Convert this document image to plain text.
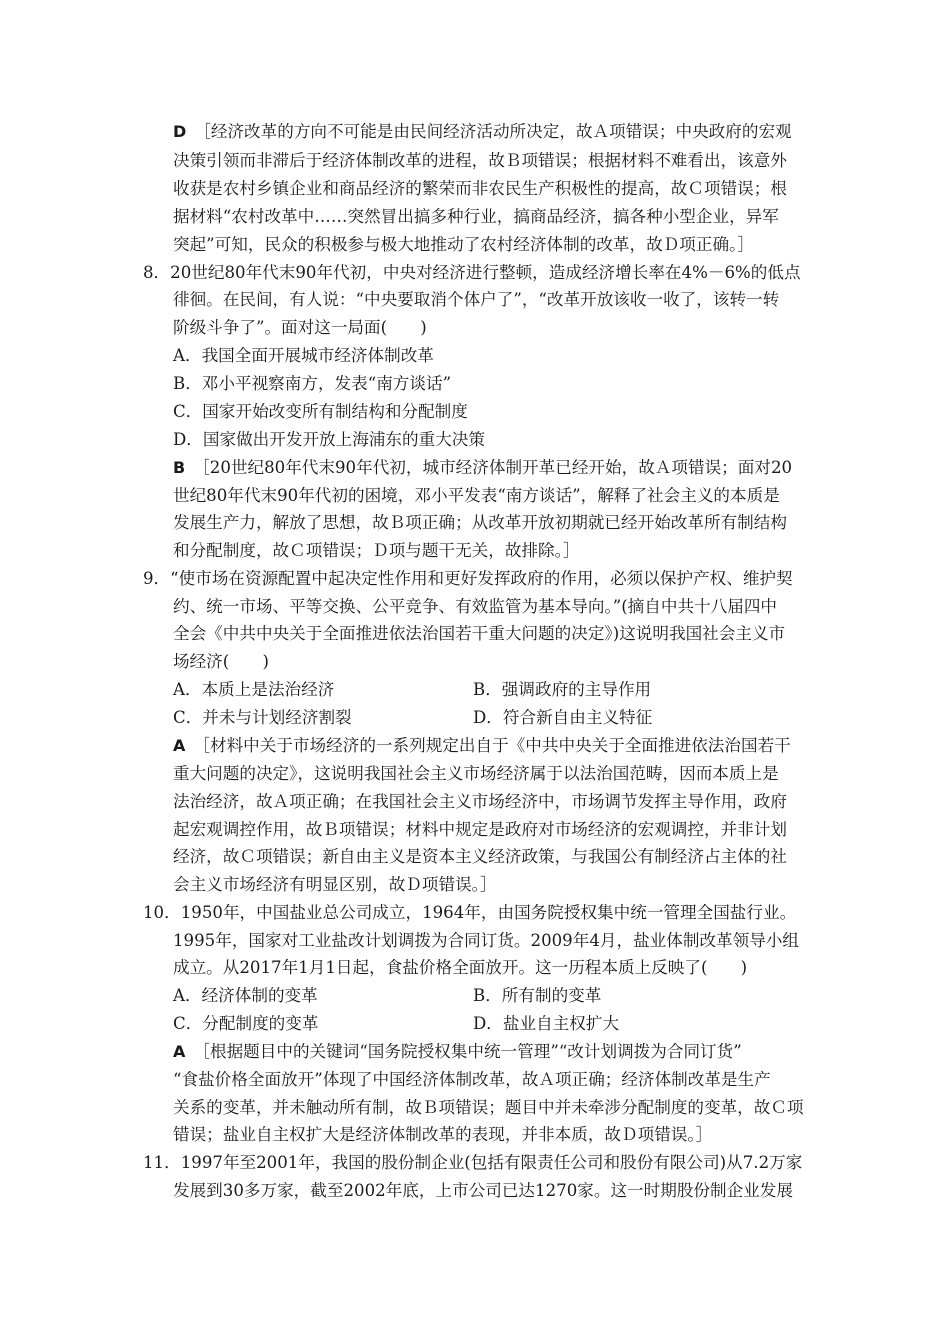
D ［经济改革的方向不可能是由民间经济活动所决定，故Ａ项错误；中央政府的宏观
决策引领而非滞后于经济体制改革的进程，故Ｂ项错误；根据材料不难看出，该意外
收获是农村乡镇企业和商品经济的繁荣而非农民生产积极性的提高，故Ｃ项错误；根
据材料“农村改革中……突然冒出搞多种行业，搞商品经济，搞各种小型企业，异军
突起”可知，民众的积极参与极大地推动了农村经济体制的改革，故Ｄ项正确。］
8．20世纪80年代末90年代初，中央对经济进行整顿，造成经济增长率在4%－6%的低点
徘徊。在民间，有人说：“中央要取消个体户了”，“改革开放该收一收了，该转一转
阶级斗争了”。面对这一局面(　　)
A．我国全面开展城市经济体制改革
B．邓小平视察南方，发表“南方谈话”
C．国家开始改变所有制结构和分配制度
D．国家做出开发开放上海浦东的重大决策
B ［20世纪80年代末90年代初，城市经济体制开革已经开始，故Ａ项错误；面对20
世纪80年代末90年代初的困境，邓小平发表“南方谈话”，解释了社会主义的本质是
发展生产力，解放了思想，故Ｂ项正确；从改革开放初期就已经开始改革所有制结构
和分配制度，故Ｃ项错误；Ｄ项与题干无关，故排除。］
9．“使市场在资源配置中起决定性作用和更好发挥政府的作用，必须以保护产权、维护契
约、统一市场、平等交换、公平竞争、有效监管为基本导向。”(摘自中共十八届四中
全会《中共中央关于全面推进依法治国若干重大问题的决定》)这说明我国社会主义市
场经济(　　)
A．本质上是法治经济	B．强调政府的主导作用
C．并未与计划经济割裂	D．符合新自由主义特征
A ［材料中关于市场经济的一系列规定出自于《中共中央关于全面推进依法治国若干
重大问题的决定》，这说明我国社会主义市场经济属于以法治国范畴，因而本质上是
法治经济，故Ａ项正确；在我国社会主义市场经济中，市场调节发挥主导作用，政府
起宏观调控作用，故Ｂ项错误；材料中规定是政府对市场经济的宏观调控，并非计划
经济，故Ｃ项错误；新自由主义是资本主义经济政策，与我国公有制经济占主体的社
会主义市场经济有明显区别，故Ｄ项错误。］
10．1950年，中国盐业总公司成立，1964年，由国务院授权集中统一管理全国盐行业。
1995年，国家对工业盐改计划调拨为合同订货。2009年4月，盐业体制改革领导小组
成立。从2017年1月1日起，食盐价格全面放开。这一历程本质上反映了(　　)
A．经济体制的变革	B．所有制的变革
C．分配制度的变革	D．盐业自主权扩大
A ［根据题目中的关键词“国务院授权集中统一管理”“改计划调拨为合同订货”
“食盐价格全面放开”体现了中国经济体制改革，故Ａ项正确；经济体制改革是生产
关系的变革，并未触动所有制，故Ｂ项错误；题目中并未牵涉分配制度的变革，故Ｃ项
错误；盐业自主权扩大是经济体制改革的表现，并非本质，故Ｄ项错误。］
11．1997年至2001年，我国的股份制企业(包括有限责任公司和股份有限公司)从7.2万家
发展到30多万家，截至2002年底，上市公司已达1270家。这一时期股份制企业发展
